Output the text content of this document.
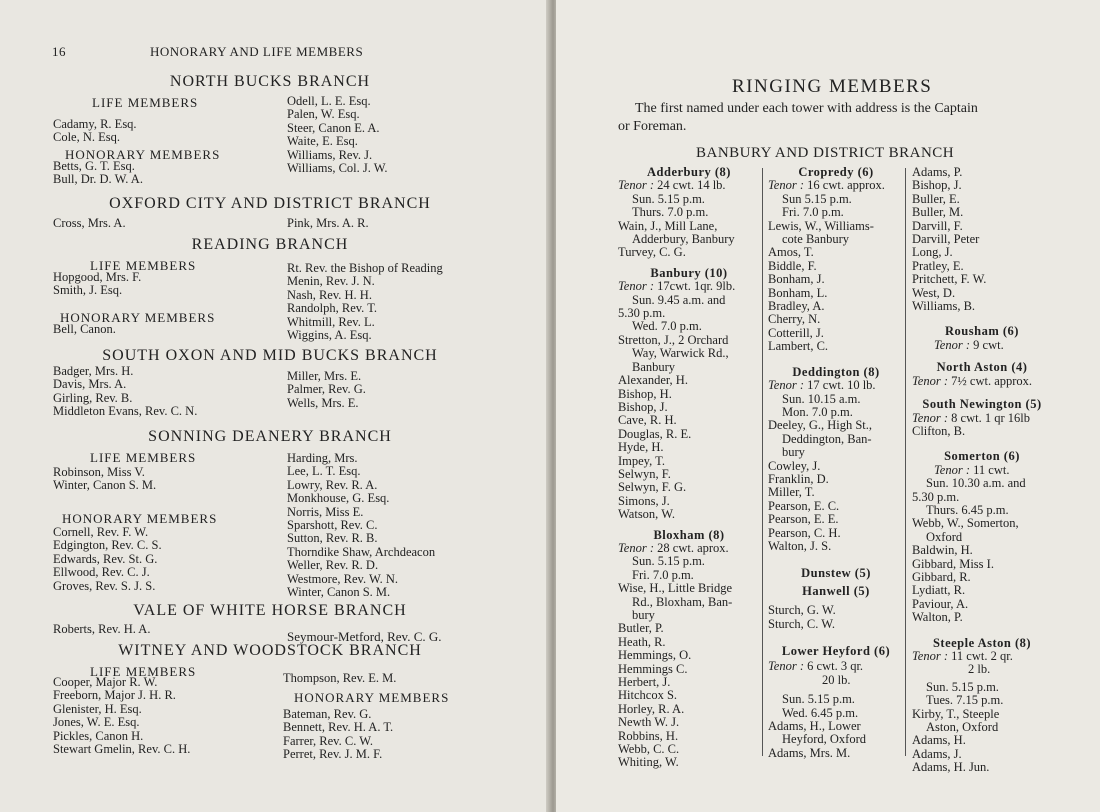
16	HONORARY AND LIFE MEMBERS
NORTH BUCKS BRANCH
LIFE MEMBERS
Cadamy, R. Esq.
Cole, N. Esq.
HONORARY MEMBERS
Betts, G. T. Esq.
Bull, Dr. D. W. A.
Odell, L. E. Esq.
Palen, W. Esq.
Steer, Canon E. A.
Waite, E. Esq.
Williams, Rev. J.
Williams, Col. J. W.
OXFORD CITY AND DISTRICT BRANCH
Cross, Mrs. A.	Pink, Mrs. A. R.
READING BRANCH
LIFE MEMBERS
Hopgood, Mrs. F.
Smith, J. Esq.
HONORARY MEMBERS
Bell, Canon.
Rt. Rev. the Bishop of Reading
Menin, Rev. J. N.
Nash, Rev. H. H.
Randolph, Rev. T.
Whitmill, Rev. L.
Wiggins, A. Esq.
SOUTH OXON AND MID BUCKS BRANCH
Badger, Mrs. H.
Davis, Mrs. A.
Girling, Rev. B.
Middleton Evans, Rev. C. N.
Miller, Mrs. E.
Palmer, Rev. G.
Wells, Mrs. E.
SONNING DEANERY BRANCH
LIFE MEMBERS
Robinson, Miss V.
Winter, Canon S. M.
HONORARY MEMBERS
Cornell, Rev. F. W.
Edgington, Rev. C. S.
Edwards, Rev. St. G.
Ellwood, Rev. C. J.
Groves, Rev. S. J. S.
Harding, Mrs.
Lee, L. T. Esq.
Lowry, Rev. R. A.
Monkhouse, G. Esq.
Norris, Miss E.
Sparshott, Rev. C.
Sutton, Rev. R. B.
Thorndike Shaw, Archdeacon
Weller, Rev. R. D.
Westmore, Rev. W. N.
Winter, Canon S. M.
VALE OF WHITE HORSE BRANCH
Roberts, Rev. H. A.	Seymour-Metford, Rev. C. G.
WITNEY AND WOODSTOCK BRANCH
LIFE MEMBERS
Cooper, Major R. W.
Freeborn, Major J. H. R.
Glenister, H. Esq.
Jones, W. E. Esq.
Pickles, Canon H.
Stewart Gmelin, Rev. C. H.
Thompson, Rev. E. M.
HONORARY MEMBERS
Bateman, Rev. G.
Bennett, Rev. H. A. T.
Farrer, Rev. C. W.
Perret, Rev. J. M. F.
RINGING MEMBERS
The first named under each tower with address is the Captain
or Foreman.
BANBURY AND DISTRICT BRANCH
Adderbury (8)
Tenor : 24 cwt. 14 lb.
Sun. 5.15 p.m.
Thurs. 7.0 p.m.
Wain, J., Mill Lane,
Adderbury, Banbury
Turvey, C. G.
Banbury (10)
Tenor : 17cwt. 1qr. 9lb.
Sun. 9.45 a.m. and
5.30 p.m.
Wed. 7.0 p.m.
Stretton, J., 2 Orchard
Way, Warwick Rd.,
Banbury
Alexander, H.
Bishop, H.
Bishop, J.
Cave, R. H.
Douglas, R. E.
Hyde, H.
Impey, T.
Selwyn, F.
Selwyn, F. G.
Simons, J.
Watson, W.
Bloxham (8)
Tenor : 28 cwt. aprox.
Sun. 5.15 p.m.
Fri. 7.0 p.m.
Wise, H., Little Bridge
Rd., Bloxham, Ban-
bury
Butler, P.
Heath, R.
Hemmings, O.
Hemmings C.
Herbert, J.
Hitchcox S.
Horley, R. A.
Newth W. J.
Robbins, H.
Webb, C. C.
Whiting, W.
Cropredy (6)
Tenor : 16 cwt. approx.
Sun 5.15 p.m.
Fri. 7.0 p.m.
Lewis, W., Williams-
cote Banbury
Amos, T.
Biddle, F.
Bonham, J.
Bonham, L.
Bradley, A.
Cherry, N.
Cotterill, J.
Lambert, C.
Deddington (8)
Tenor : 17 cwt. 10 lb.
Sun. 10.15 a.m.
Mon. 7.0 p.m.
Deeley, G., High St.,
Deddington, Ban-
bury
Cowley, J.
Franklin, D.
Miller, T.
Pearson, E. C.
Pearson, E. E.
Pearson, C. H.
Walton, J. S.
Dunstew (5)
Hanwell (5)
Sturch, G. W.
Sturch, C. W.
Lower Heyford (6)
Tenor : 6 cwt. 3 qr.
20 lb.
Sun. 5.15 p.m.
Wed. 6.45 p.m.
Adams, H., Lower
Heyford, Oxford
Adams, Mrs. M.
Adams, P.
Bishop, J.
Buller, E.
Buller, M.
Darvill, F.
Darvill, Peter
Long, J.
Pratley, E.
Pritchett, F. W.
West, D.
Williams, B.
Rousham (6)
Tenor : 9 cwt.
North Aston (4)
Tenor : 7½ cwt. approx.
South Newington (5)
Tenor : 8 cwt. 1 qr 16lb
Clifton, B.
Somerton (6)
Tenor : 11 cwt.
Sun. 10.30 a.m. and
5.30 p.m.
Thurs. 6.45 p.m.
Webb, W., Somerton,
Oxford
Baldwin, H.
Gibbard, Miss I.
Gibbard, R.
Lydiatt, R.
Paviour, A.
Walton, P.
Steeple Aston (8)
Tenor : 11 cwt. 2 qr.
2 lb.
Sun. 5.15 p.m.
Tues. 7.15 p.m.
Kirby, T., Steeple
Aston, Oxford
Adams, H.
Adams, J.
Adams, H. Jun.
